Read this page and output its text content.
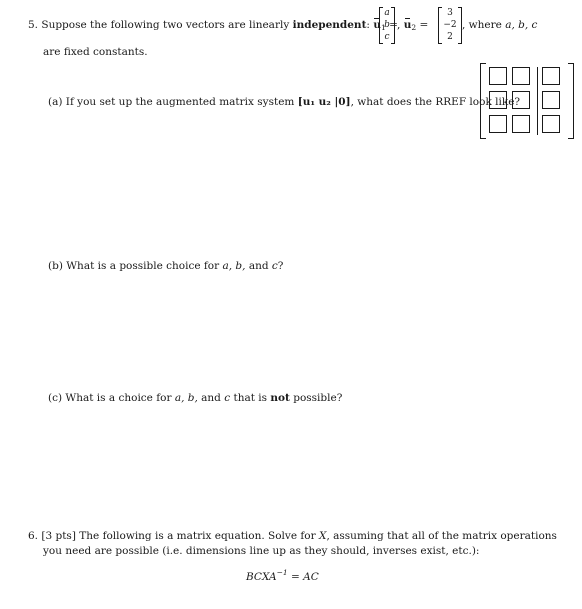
5. Suppose the following two vectors are linearly independent: $u_1$ =
a
b
c
, $u_2$ =
3
−2
2
, where a, b, c
are fixed constants.
(a) If you set up the augmented matrix system [u₁ u₂ |0], what does the RREF look like?
(b) What is a possible choice for a, b, and c?
(c) What is a choice for a, b, and c that is not possible?
6. [3 pts] The following is a matrix equation. Solve for X, assuming that all of the matrix operations
you need are possible (i.e. dimensions line up as they should, inverses exist, etc.):
$BCXA^{-1}$ = AC
